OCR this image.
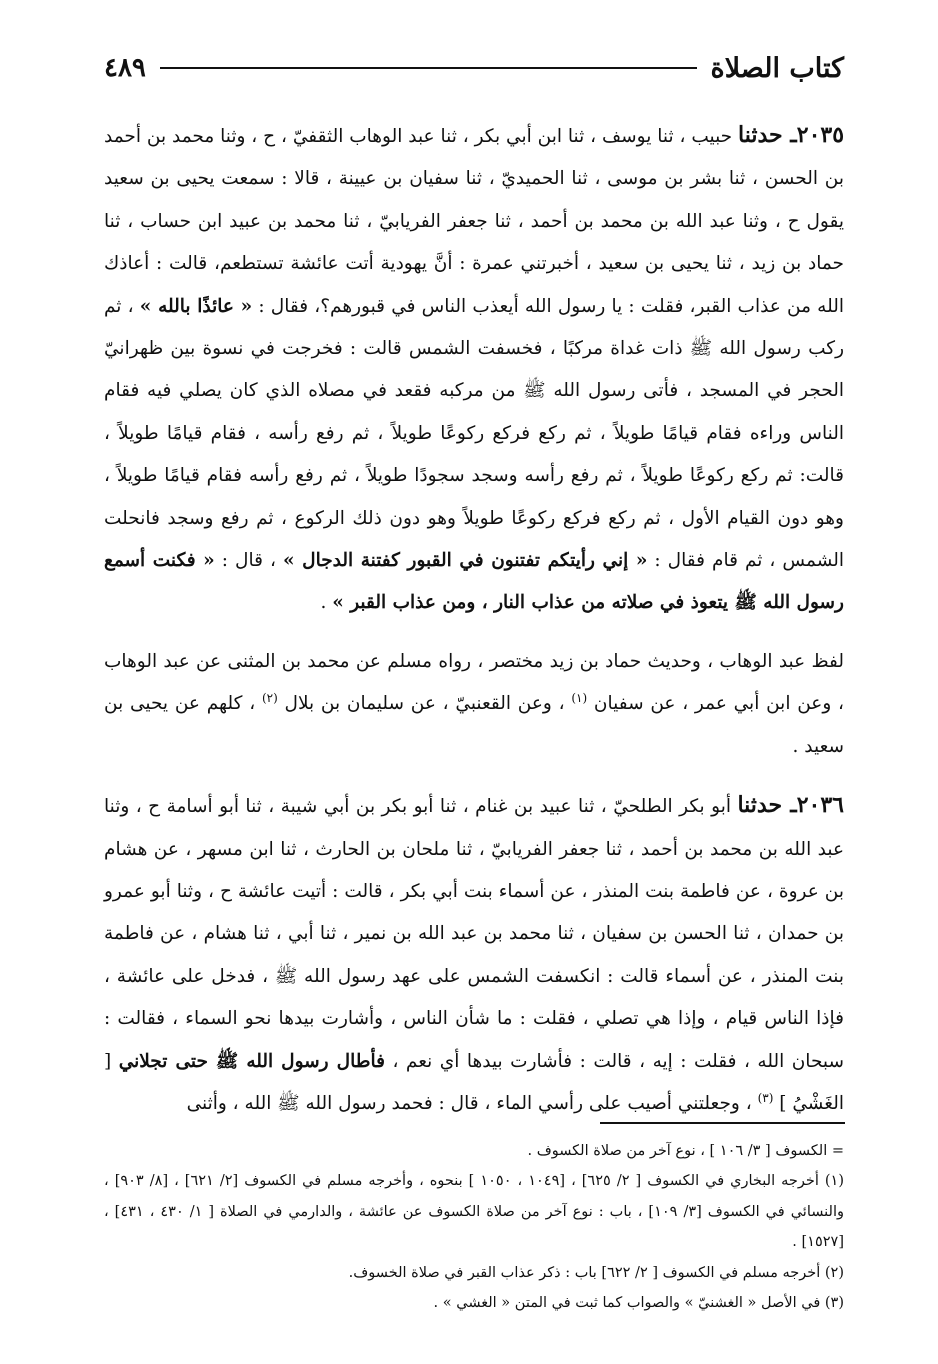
كتاب الصلاة
٤٨٩

٢٠٣٥ـ حدثنا حبيب ، ثنا يوسف ، ثنا ابن أبي بكر ، ثنا عبد الوهاب الثقفيّ ، ح ، وثنا محمد بن أحمد بن الحسن ، ثنا بشر بن موسى ، ثنا الحميديّ ، ثنا سفيان بن عيينة ، قالا : سمعت يحيى بن سعيد يقول ح ، وثنا عبد الله بن محمد بن أحمد ، ثنا جعفر الفريابيّ ، ثنا محمد بن عبيد ابن حساب ، ثنا حماد بن زيد ، ثنا يحيى بن سعيد ، أخبرتني عمرة : أنَّ يهودية أتت عائشة تستطعم، قالت : أعاذك الله من عذاب القبر، فقلت : يا رسول الله أيعذب الناس في قبورهم؟، فقال : « عائذًا بالله » ، ثم ركب رسول الله ﷺ ذات غداة مركبًا ، فخسفت الشمس قالت : فخرجت في نسوة بين ظهرانيّ الحجر في المسجد ، فأتى رسول الله ﷺ من مركبه فقعد في مصلاه الذي كان يصلي فيه فقام الناس وراءه فقام قيامًا طويلاً ، ثم ركع فركع ركوعًا طويلاً ، ثم رفع رأسه ، فقام قيامًا طويلاً ، قالت: ثم ركع ركوعًا طويلاً ، ثم رفع رأسه وسجد سجودًا طويلاً ، ثم رفع رأسه فقام قيامًا طويلاً ، وهو دون القيام الأول ، ثم ركع فركع ركوعًا طويلاً وهو دون ذلك الركوع ، ثم رفع وسجد فانحلت الشمس ، ثم قام فقال : « إني رأيتكم تفتنون في القبور كفتنة الدجال » ، قال : « فكنت أسمع رسول الله ﷺ يتعوذ في صلاته من عذاب النار ، ومن عذاب القبر » .

لفظ عبد الوهاب ، وحديث حماد بن زيد مختصر ، رواه مسلم عن محمد بن المثنى عن عبد الوهاب ، وعن ابن أبي عمر ، عن سفيان $^{(١)}$ ، وعن القعنبيّ ، عن سليمان بن بلال $^{(٢)}$ ، كلهم عن يحيى بن سعيد .

٢٠٣٦ـ حدثنا أبو بكر الطلحيّ ، ثنا عبيد بن غنام ، ثنا أبو بكر بن أبي شيبة ، ثنا أبو أسامة ح ، وثنا عبد الله بن محمد بن أحمد ، ثنا جعفر الفريابيّ ، ثنا ملحان بن الحارث ، ثنا ابن مسهر ، عن هشام بن عروة ، عن فاطمة بنت المنذر ، عن أسماء بنت أبي بكر ، قالت : أتيت عائشة ح ، وثنا أبو عمرو بن حمدان ، ثنا الحسن بن سفيان ، ثنا محمد بن عبد الله بن نمير ، ثنا أبي ، ثنا هشام ، عن فاطمة بنت المنذر ، عن أسماء قالت : انكسفت الشمس على عهد رسول الله ﷺ ، فدخل على عائشة ، فإذا الناس قيام ، وإذا هي تصلي ، فقلت : ما شأن الناس ، وأشارت بيدها نحو السماء ، فقالت : سبحان الله ، فقلت : إيه ، قالت : فأشارت بيدها أي نعم ، فأطال رسول الله ﷺ حتى تجلاني [ الغَشْيُ ] $^{(٣)}$ ، وجعلتني أصيب على رأسي الماء ، قال : فحمد رسول الله ﷺ الله ، وأثنى

= الكسوف [ ٣/ ١٠٦ ] ، نوع آخر من صلاة الكسوف .

(١) أخرجه البخاري في الكسوف [ ٢/ ٦٢٥] ، [١٠٤٩ ، ١٠٥٠ ] بنحوه ، وأخرجه مسلم في الكسوف [٢/ ٦٢١] ، [٨/ ٩٠٣] ، والنسائي في الكسوف [٣/ ١٠٩] ، باب : نوع آخر من صلاة الكسوف عن عائشة ، والدارمي في الصلاة [ ١/ ٤٣٠ ، ٤٣١] ، [١٥٢٧] .

(٢) أخرجه مسلم في الكسوف [ ٢/ ٦٢٢] باب : ذكر عذاب القبر في صلاة الخسوف.

(٣) في الأصل « الغشنيّ » والصواب كما ثبت في المتن « الغشي » .
